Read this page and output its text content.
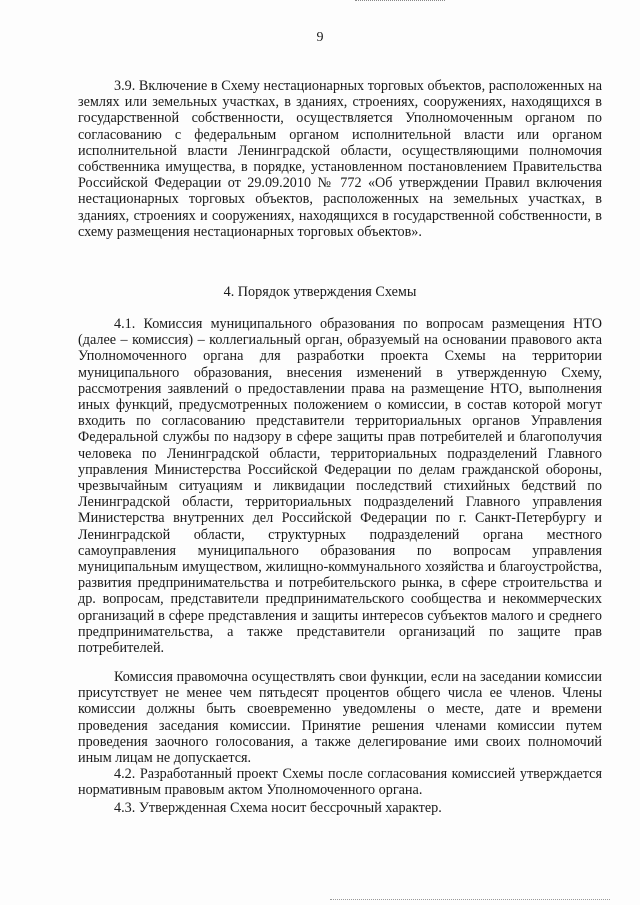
9

3.9. Включение в Схему нестационарных торговых объектов, расположенных на землях или земельных участках, в зданиях, строениях, сооружениях, находящихся в государственной собственности, осуществляется Уполномоченным органом по согласованию с федеральным органом исполнительной власти или органом исполнительной власти Ленинградской области, осуществляющими полномочия собственника имущества, в порядке, установленном постановлением Правительства Российской Федерации от 29.09.2010 № 772 «Об утверждении Правил включения нестационарных торговых объектов, расположенных на земельных участках, в зданиях, строениях и сооружениях, находящихся в государственной собственности, в схему размещения нестационарных торговых объектов».

4. Порядок утверждения Схемы

4.1. Комиссия муниципального образования по вопросам размещения НТО (далее – комиссия) – коллегиальный орган, образуемый на основании правового акта Уполномоченного органа для разработки проекта Схемы на территории муниципального образования, внесения изменений в утвержденную Схему, рассмотрения заявлений о предоставлении права на размещение НТО, выполнения иных функций, предусмотренных положением о комиссии, в состав которой могут входить по согласованию представители территориальных органов Управления Федеральной службы по надзору в сфере защиты прав потребителей и благополучия человека по Ленинградской области, территориальных подразделений Главного управления Министерства Российской Федерации по делам гражданской обороны, чрезвычайным ситуациям и ликвидации последствий стихийных бедствий по Ленинградской области, территориальных подразделений Главного управления Министерства внутренних дел Российской Федерации по г. Санкт-Петербургу и Ленинградской области, структурных подразделений органа местного самоуправления муниципального образования по вопросам управления муниципальным имуществом, жилищно-коммунального хозяйства и благоустройства, развития предпринимательства и потребительского рынка, в сфере строительства и др. вопросам, представители предпринимательского сообщества и некоммерческих организаций в сфере представления и защиты интересов субъектов малого и среднего предпринимательства, а также представители организаций по защите прав потребителей.

Комиссия правомочна осуществлять свои функции, если на заседании комиссии присутствует не менее чем пятьдесят процентов общего числа ее членов. Члены комиссии должны быть своевременно уведомлены о месте, дате и времени проведения заседания комиссии. Принятие решения членами комиссии путем проведения заочного голосования, а также делегирование ими своих полномочий иным лицам не допускается.

4.2. Разработанный проект Схемы после согласования комиссией утверждается нормативным правовым актом Уполномоченного органа.

4.3. Утвержденная Схема носит бессрочный характер.
